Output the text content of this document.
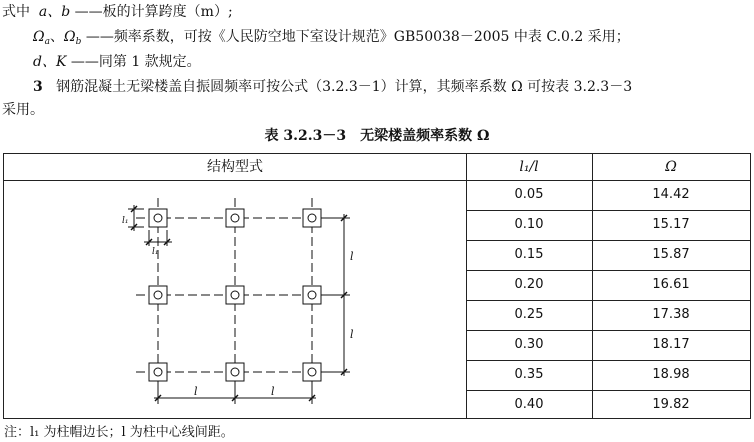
式中 a、b ——板的计算跨度（m）;
$\Omega_a$、$\Omega_b$ ——频率系数，可按《人民防空地下室设计规范》GB50038－2005 中表 C.0.2 采用；
d、K ——同第 1 款规定。
3 钢筋混凝土无梁楼盖自振圆频率可按公式（3.2.3－1）计算，其频率系数 Ω 可按表 3.2.3－3
采用。
表 3.2.3－3　无梁楼盖频率系数 Ω
结构型式	l₁/l	Ω
0.05	14.42
0.10	15.17
0.15	15.87
0.20	16.61
0.25	17.38
0.30	18.17
0.35	18.98
0.40	19.82
l
l
l	l
l₁
l₁
注：l₁ 为柱帽边长；l 为柱中心线间距。
